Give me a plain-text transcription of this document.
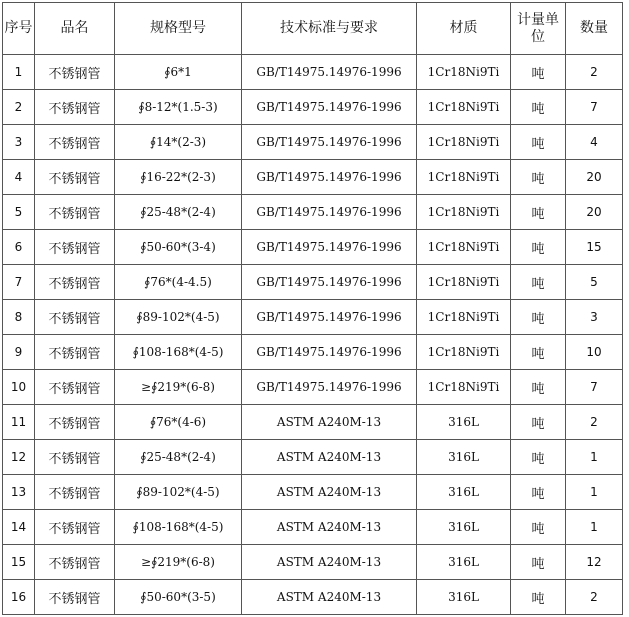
序号	品名	规格型号	技术标准与要求	材质	计量单位	数量
1	不锈钢管	∮6*1	GB/T14975.14976-1996	1Cr18Ni9Ti	吨	2
2	不锈钢管	∮8-12*(1.5-3)	GB/T14975.14976-1996	1Cr18Ni9Ti	吨	7
3	不锈钢管	∮14*(2-3)	GB/T14975.14976-1996	1Cr18Ni9Ti	吨	4
4	不锈钢管	∮16-22*(2-3)	GB/T14975.14976-1996	1Cr18Ni9Ti	吨	20
5	不锈钢管	∮25-48*(2-4)	GB/T14975.14976-1996	1Cr18Ni9Ti	吨	20
6	不锈钢管	∮50-60*(3-4)	GB/T14975.14976-1996	1Cr18Ni9Ti	吨	15
7	不锈钢管	∮76*(4-4.5)	GB/T14975.14976-1996	1Cr18Ni9Ti	吨	5
8	不锈钢管	∮89-102*(4-5)	GB/T14975.14976-1996	1Cr18Ni9Ti	吨	3
9	不锈钢管	∮108-168*(4-5)	GB/T14975.14976-1996	1Cr18Ni9Ti	吨	10
10	不锈钢管	≥∮219*(6-8)	GB/T14975.14976-1996	1Cr18Ni9Ti	吨	7
11	不锈钢管	∮76*(4-6)	ASTM A240M-13	316L	吨	2
12	不锈钢管	∮25-48*(2-4)	ASTM A240M-13	316L	吨	1
13	不锈钢管	∮89-102*(4-5)	ASTM A240M-13	316L	吨	1
14	不锈钢管	∮108-168*(4-5)	ASTM A240M-13	316L	吨	1
15	不锈钢管	≥∮219*(6-8)	ASTM A240M-13	316L	吨	12
16	不锈钢管	∮50-60*(3-5)	ASTM A240M-13	316L	吨	2
